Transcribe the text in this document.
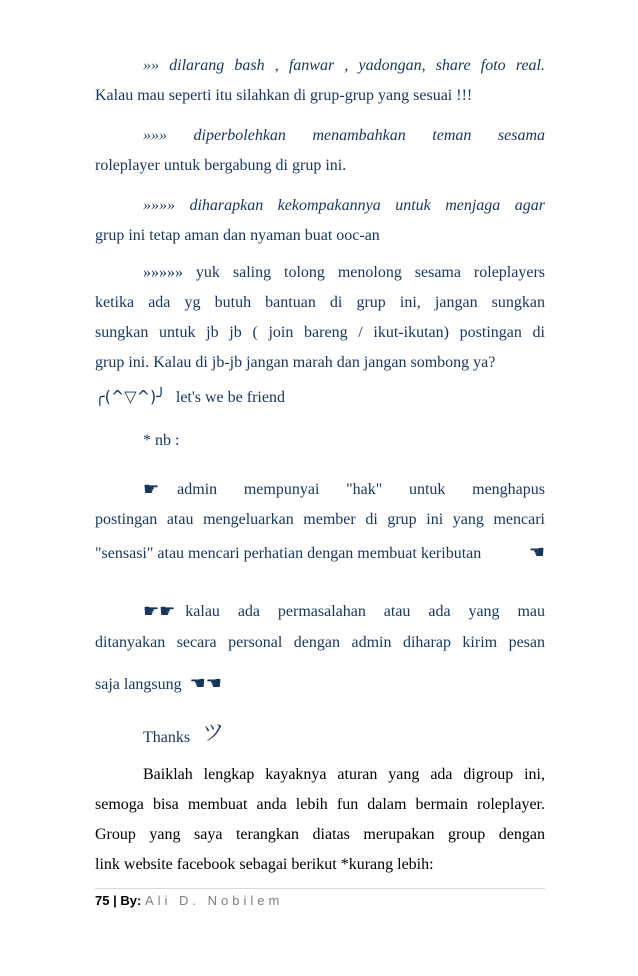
»» dilarang bash , fanwar , yadongan, share foto real.
Kalau mau seperti itu silahkan di grup-grup yang sesuai !!!
»»» diperbolehkan menambahkan teman sesama
roleplayer untuk bergabung di grup ini.
»»»» diharapkan kekompakannya untuk menjaga agar
grup ini tetap aman dan nyaman buat ooc-an
»»»»» yuk saling tolong menolong sesama roleplayers
ketika ada yg butuh bantuan di grup ini, jangan sungkan
sungkan untuk jb jb ( join bareng / ikut-ikutan) postingan di
grup ini. Kalau di jb-jb jangan marah dan jangan sombong ya?
╭(^▽^)╯ let's we be friend
* nb :
☛ admin mempunyai "hak" untuk menghapus
postingan atau mengeluarkan member di grup ini yang mencari
"sensasi" atau mencari perhatian dengan membuat keributan	☚
☛☛ kalau ada permasalahan atau ada yang mau
ditanyakan secara personal dengan admin diharap kirim pesan
saja langsung ☚☚
Thanks ツ
Baiklah lengkap kayaknya aturan yang ada digroup ini,
semoga bisa membuat anda lebih fun dalam bermain roleplayer.
Group yang saya terangkan diatas merupakan group dengan
link website facebook sebagai berikut *kurang lebih:
75 | By: Ali D. Nobilem
